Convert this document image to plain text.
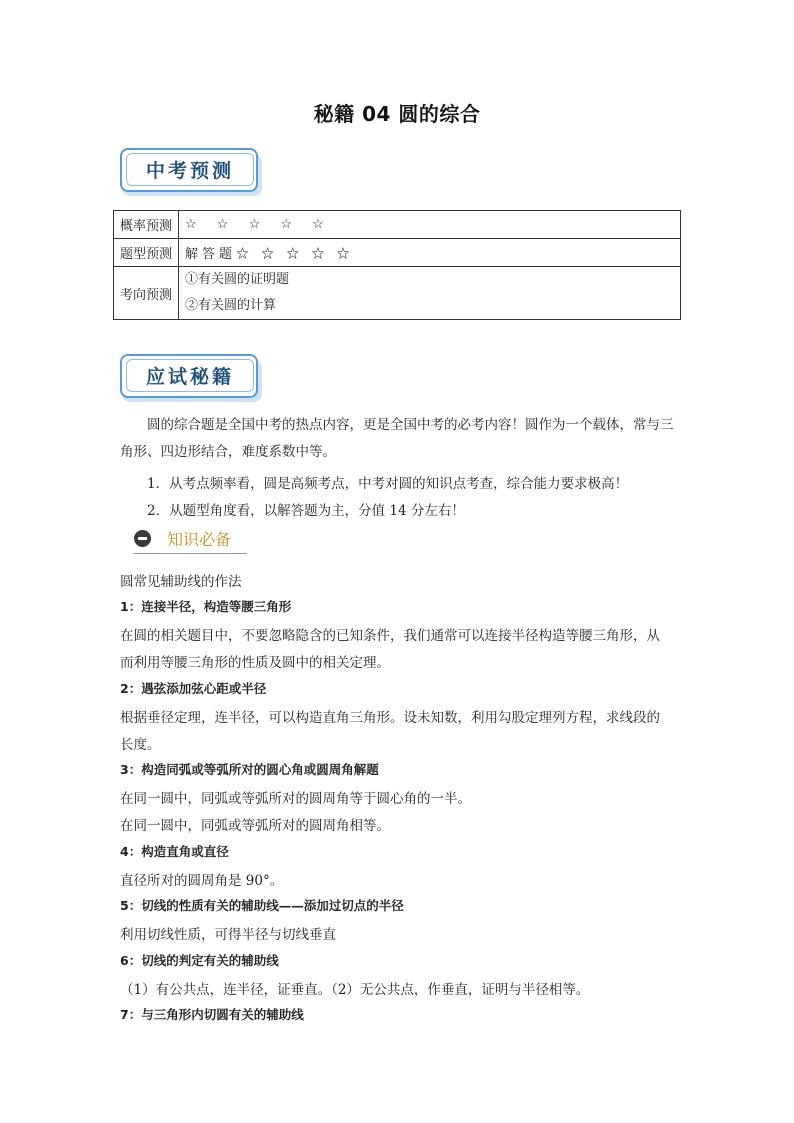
秘籍 04 圆的综合
中考预测
概率预测	☆ ☆ ☆ ☆ ☆
题型预测	解答题☆ ☆ ☆ ☆ ☆
考向预测	①有关圆的证明题
②有关圆的计算
应试秘籍
圆的综合题是全国中考的热点内容，更是全国中考的必考内容！圆作为一个载体，常与三角形、四边形结合，难度系数中等。
1．从考点频率看，圆是高频考点，中考对圆的知识点考查，综合能力要求极高！
2．从题型角度看，以解答题为主，分值 14 分左右！
知识必备
圆常见辅助线的作法
1：连接半径，构造等腰三角形
在圆的相关题目中，不要忽略隐含的已知条件，我们通常可以连接半径构造等腰三角形，从
而利用等腰三角形的性质及圆中的相关定理。
2：遇弦添加弦心距或半径
根据垂径定理，连半径，可以构造直角三角形。设未知数，利用勾股定理列方程，求线段的
长度。
3：构造同弧或等弧所对的圆心角或圆周角解题
在同一圆中，同弧或等弧所对的圆周角等于圆心角的一半。
在同一圆中，同弧或等弧所对的圆周角相等。
4：构造直角或直径
直径所对的圆周角是 90°。
5：切线的性质有关的辅助线——添加过切点的半径
利用切线性质，可得半径与切线垂直
6：切线的判定有关的辅助线
（1）有公共点，连半径，证垂直。（2）无公共点，作垂直，证明与半径相等。
7：与三角形内切圆有关的辅助线
